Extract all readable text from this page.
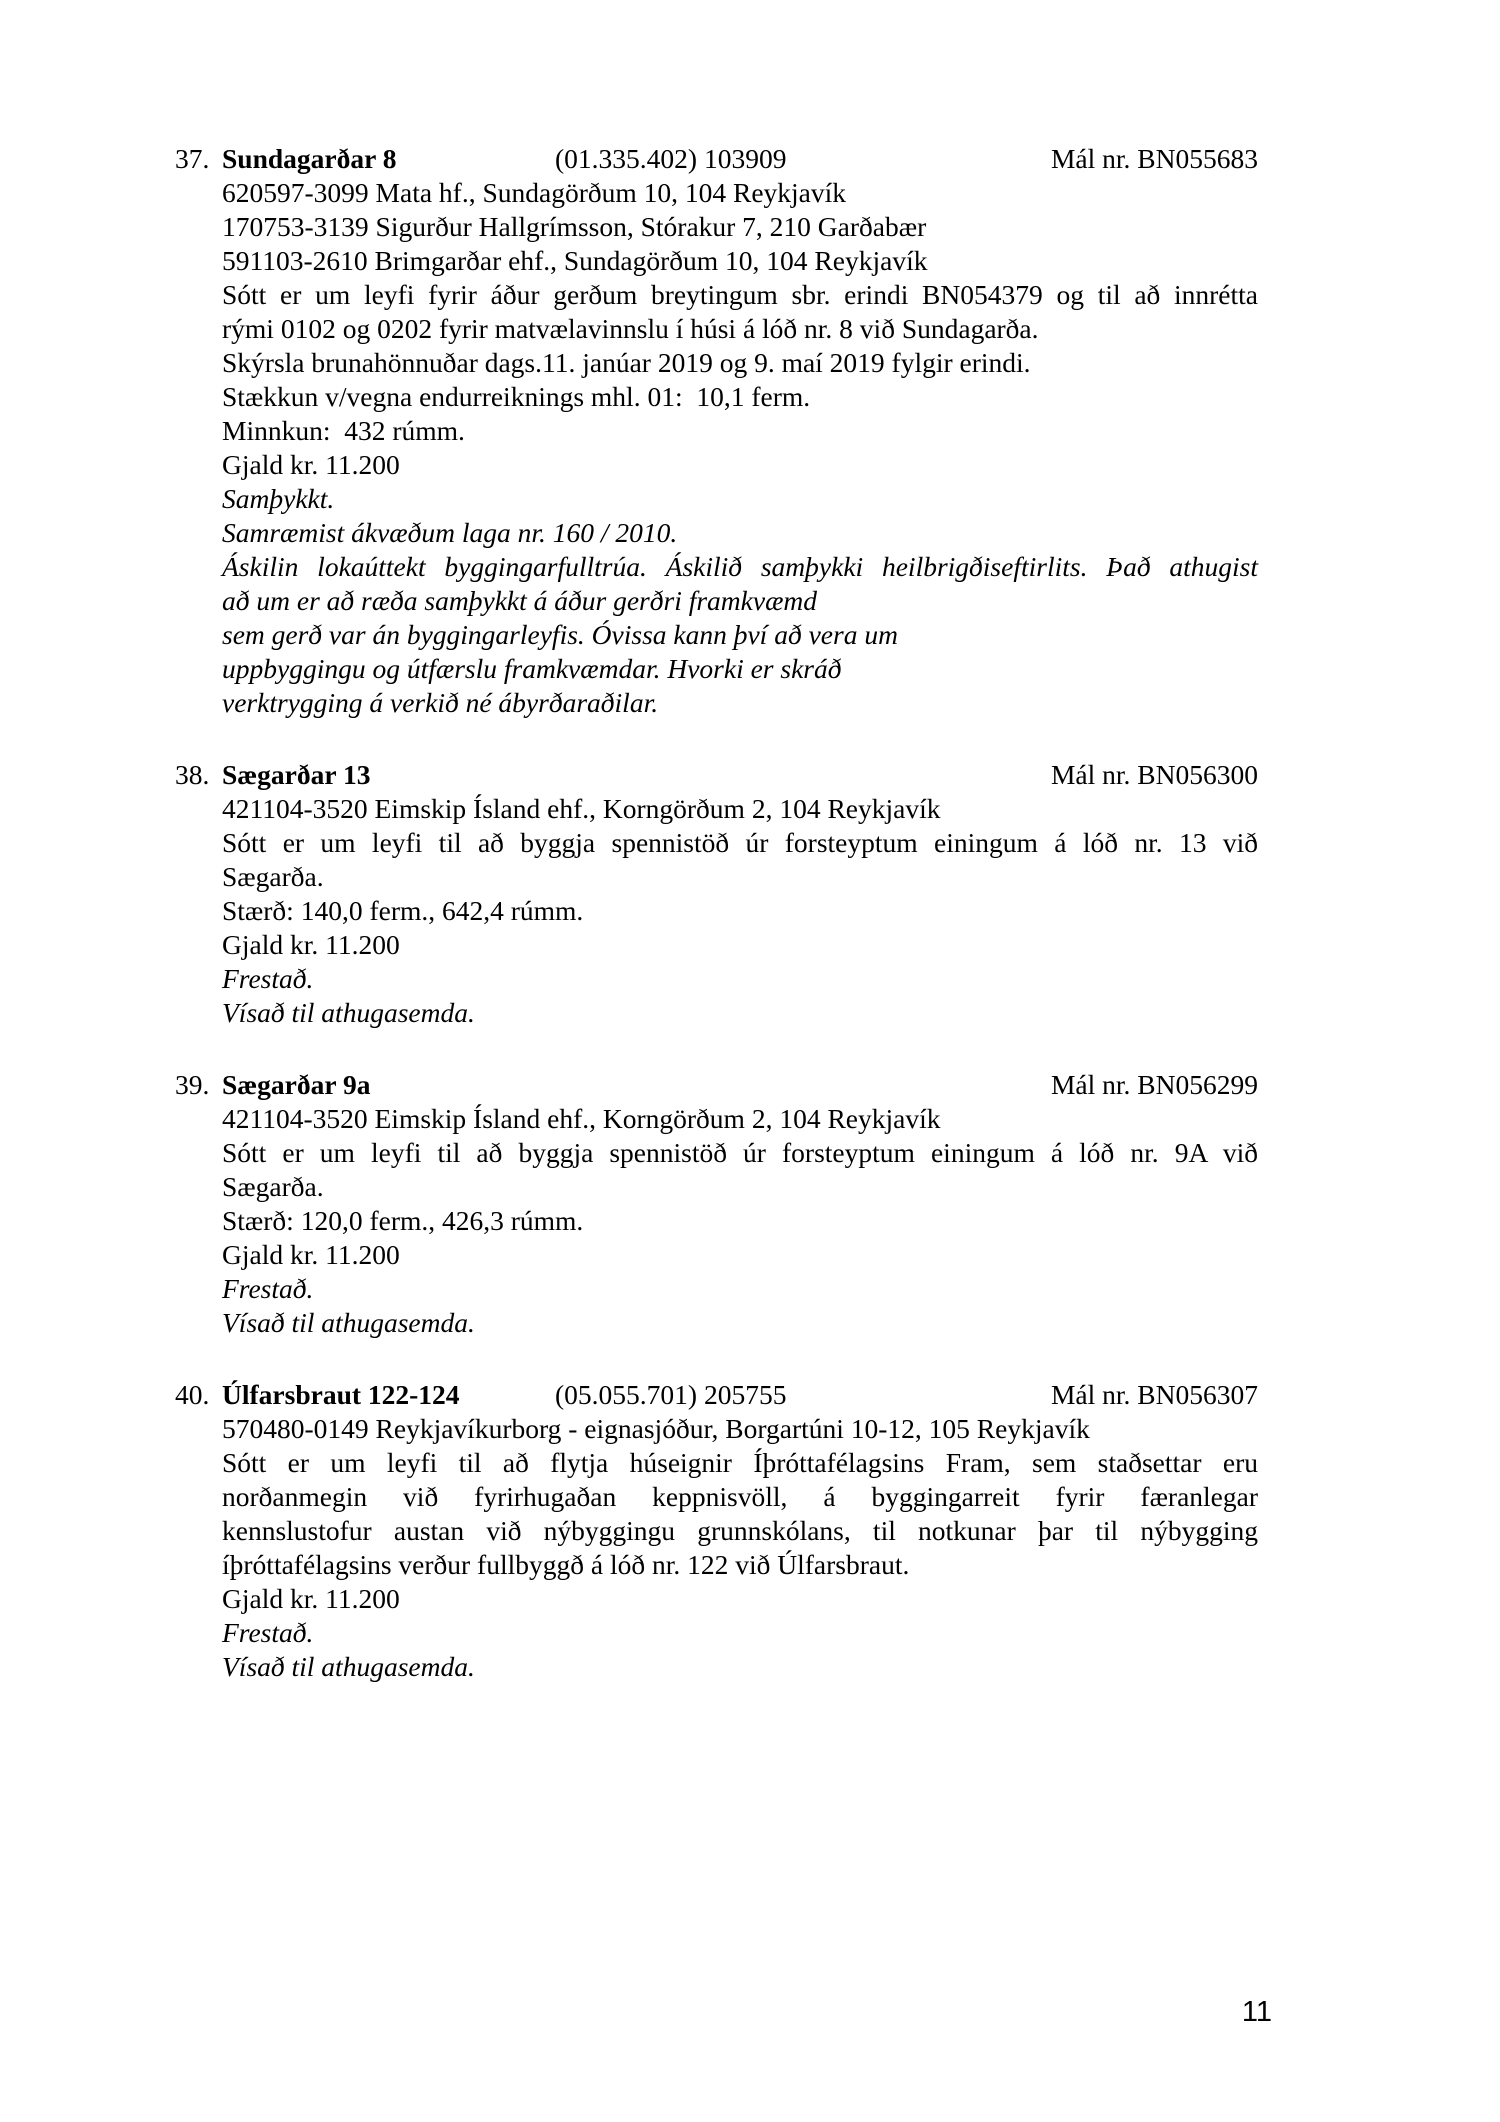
37. Sundagarðar 8	(01.335.402) 103909	Mál nr. BN055683
620597-3099 Mata hf., Sundagörðum 10, 104 Reykjavík
170753-3139 Sigurður Hallgrímsson, Stórakur 7, 210 Garðabær
591103-2610 Brimgarðar ehf., Sundagörðum 10, 104 Reykjavík
Sótt er um leyfi fyrir áður gerðum breytingum sbr. erindi BN054379 og til að innrétta
rými 0102 og 0202 fyrir matvælavinnslu í húsi á lóð nr. 8 við Sundagarða.
Skýrsla brunahönnuðar dags.11. janúar 2019 og 9. maí 2019 fylgir erindi.
Stækkun v/vegna endurreiknings mhl. 01:  10,1 ferm.
Minnkun:  432 rúmm.
Gjald kr. 11.200
Samþykkt.
Samræmist ákvæðum laga nr. 160 / 2010.
Áskilin lokaúttekt byggingarfulltrúa. Áskilið samþykki heilbrigðiseftirlits. Það athugist
að um er að ræða samþykkt á áður gerðri framkvæmd
sem gerð var án byggingarleyfis. Óvissa kann því að vera um
uppbyggingu og útfærslu framkvæmdar. Hvorki er skráð
verktrygging á verkið né ábyrðaraðilar.
38. Sægarðar 13	Mál nr. BN056300
421104-3520 Eimskip Ísland ehf., Korngörðum 2, 104 Reykjavík
Sótt er um leyfi til að byggja spennistöð úr forsteyptum einingum á lóð nr. 13 við
Sægarða.
Stærð: 140,0 ferm., 642,4 rúmm.
Gjald kr. 11.200
Frestað.
Vísað til athugasemda.
39. Sægarðar 9a	Mál nr. BN056299
421104-3520 Eimskip Ísland ehf., Korngörðum 2, 104 Reykjavík
Sótt er um leyfi til að byggja spennistöð úr forsteyptum einingum á lóð nr. 9A við
Sægarða.
Stærð: 120,0 ferm., 426,3 rúmm.
Gjald kr. 11.200
Frestað.
Vísað til athugasemda.
40. Úlfarsbraut 122-124	(05.055.701) 205755	Mál nr. BN056307
570480-0149 Reykjavíkurborg - eignasjóður, Borgartúni 10-12, 105 Reykjavík
Sótt er um leyfi til að flytja húseignir Íþróttafélagsins Fram, sem staðsettar eru
norðanmegin við fyrirhugaðan keppnisvöll, á byggingarreit fyrir færanlegar
kennslustofur austan við nýbyggingu grunnskólans, til notkunar þar til nýbygging
íþróttafélagsins verður fullbyggð á lóð nr. 122 við Úlfarsbraut.
Gjald kr. 11.200
Frestað.
Vísað til athugasemda.
11
